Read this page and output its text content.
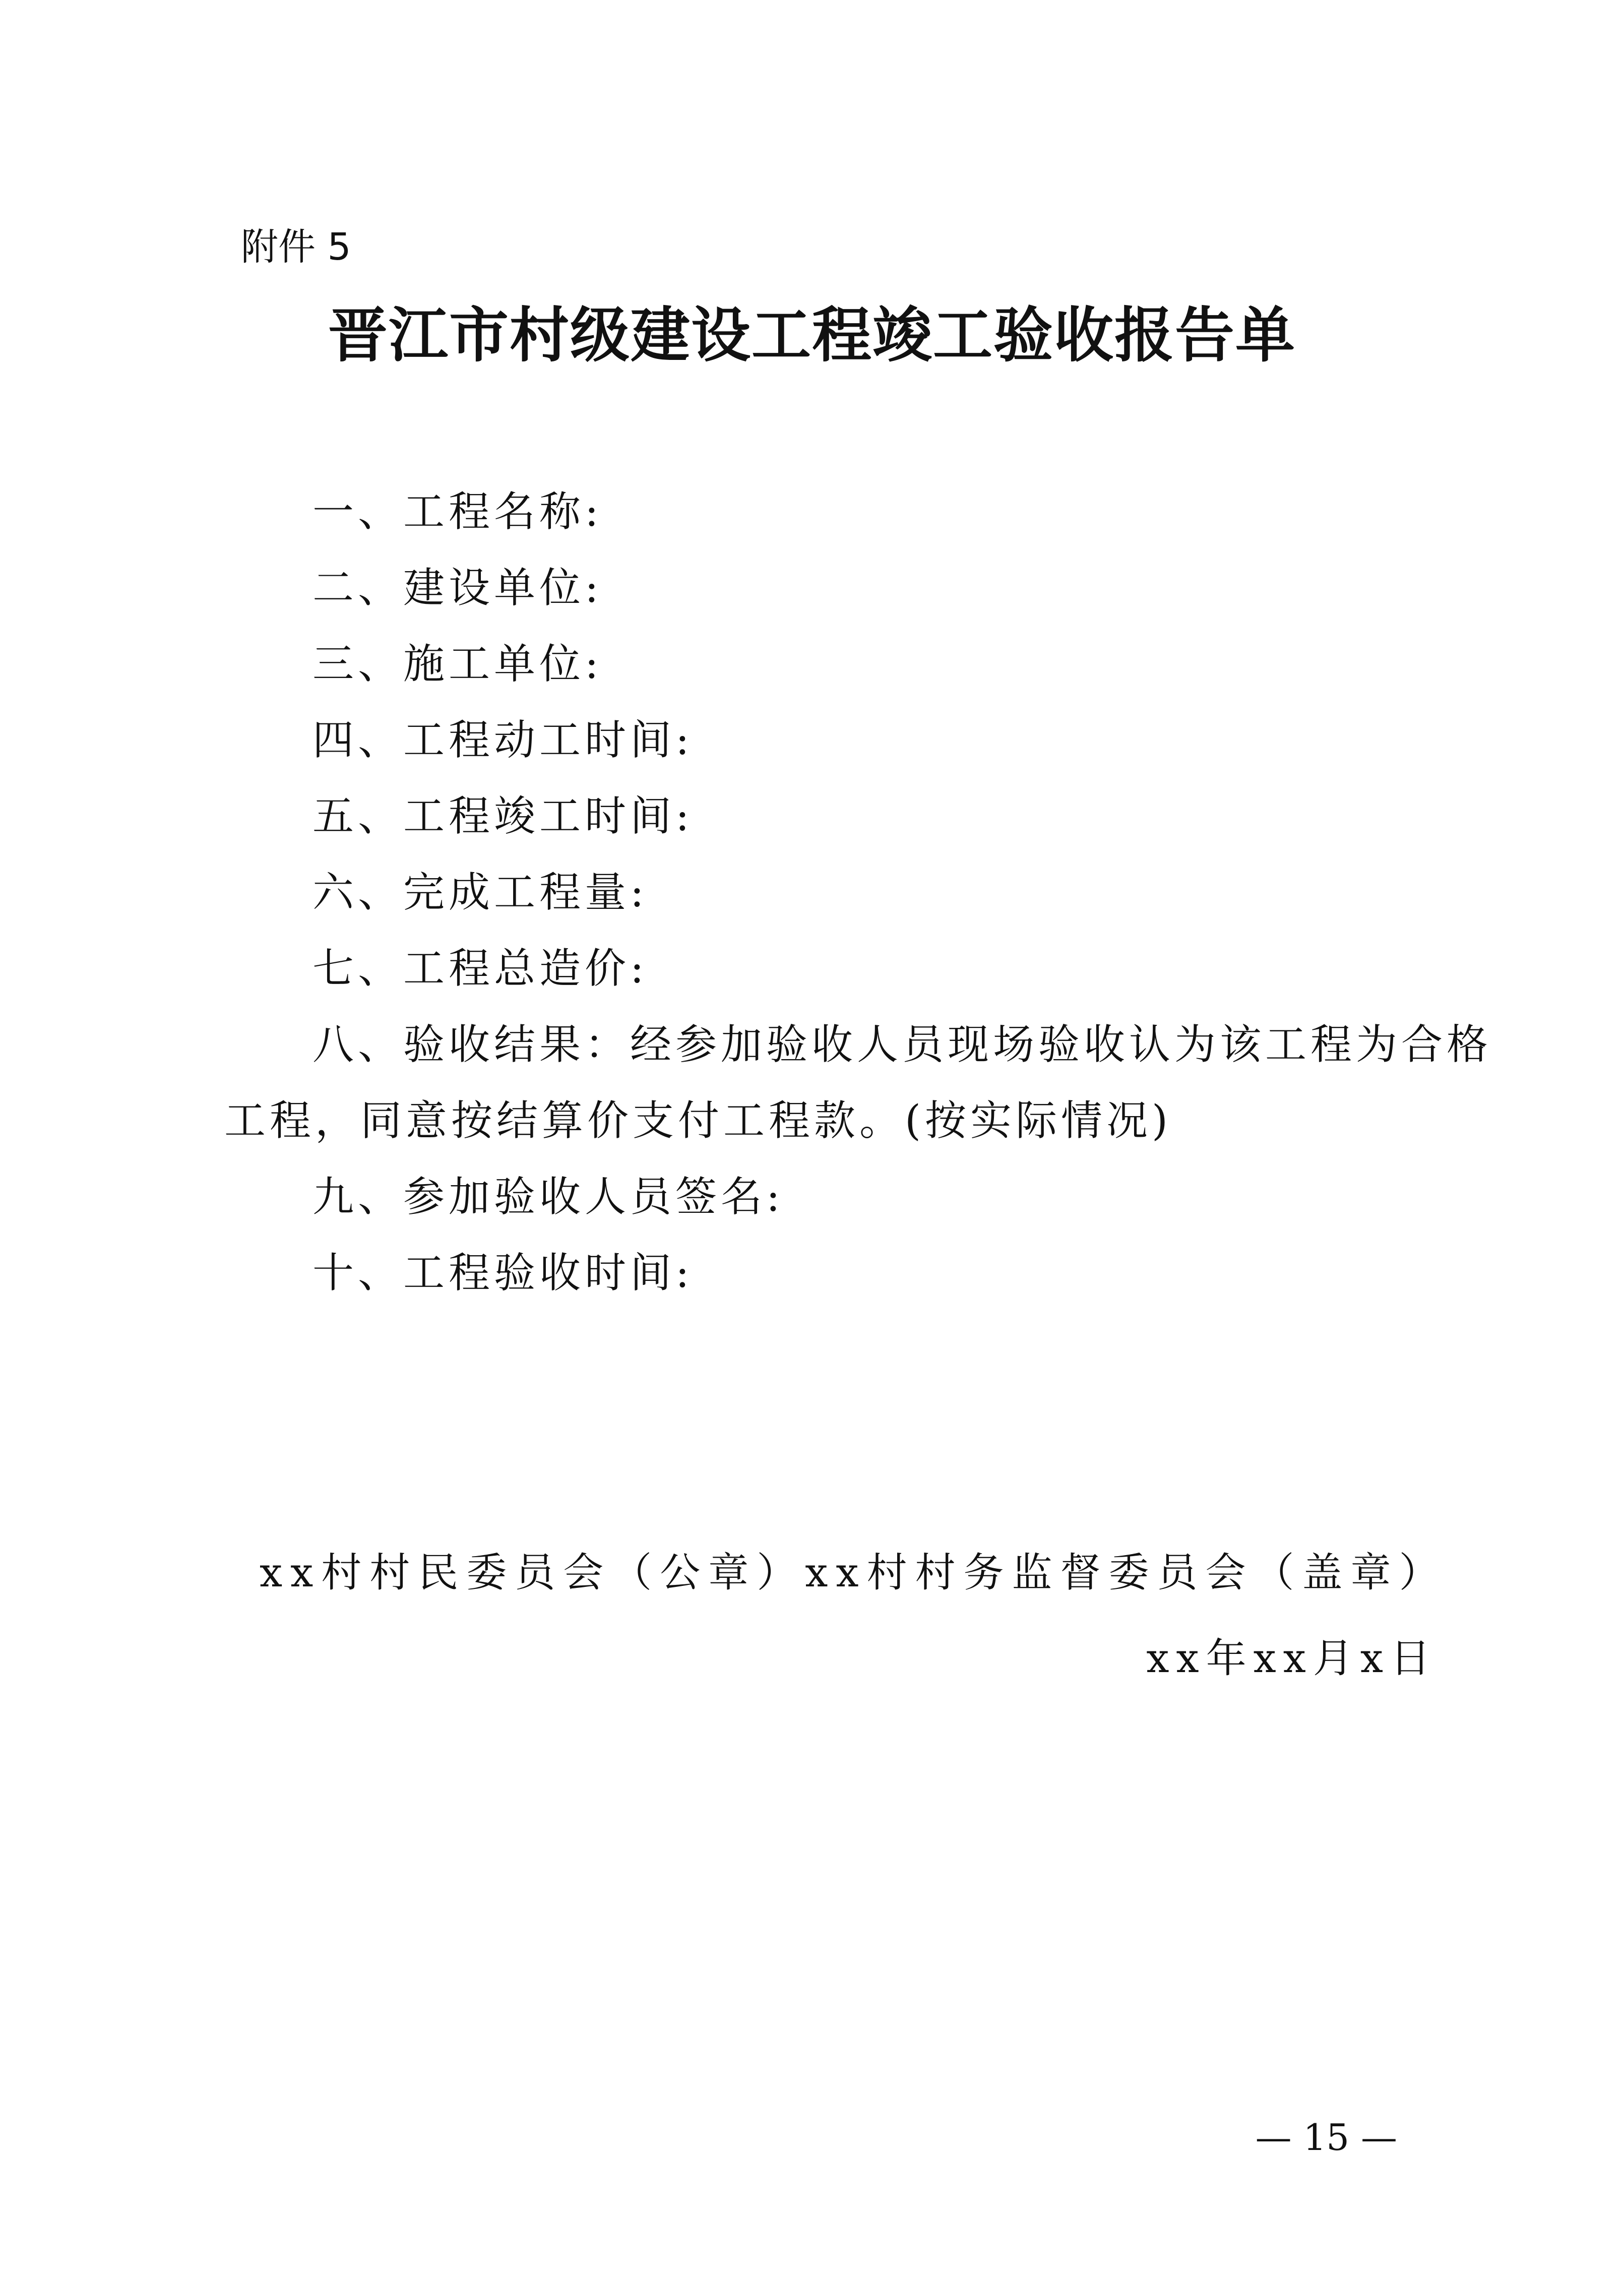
附件 5
晋江市村级建设工程竣工验收报告单
一、工程名称:
二、建设单位:
三、施工单位:
四、工程动工时间:
五、工程竣工时间:
六、完成工程量:
七、工程总造价:
八、验收结果：经参加验收人员现场验收认为该工程为合格
工程，同意按结算价支付工程款。(按实际情况)
九、参加验收人员签名:
十、工程验收时间:
xx村村民委员会（公章）xx村村务监督委员会（盖章）
xx年xx月x日
— 15 —
